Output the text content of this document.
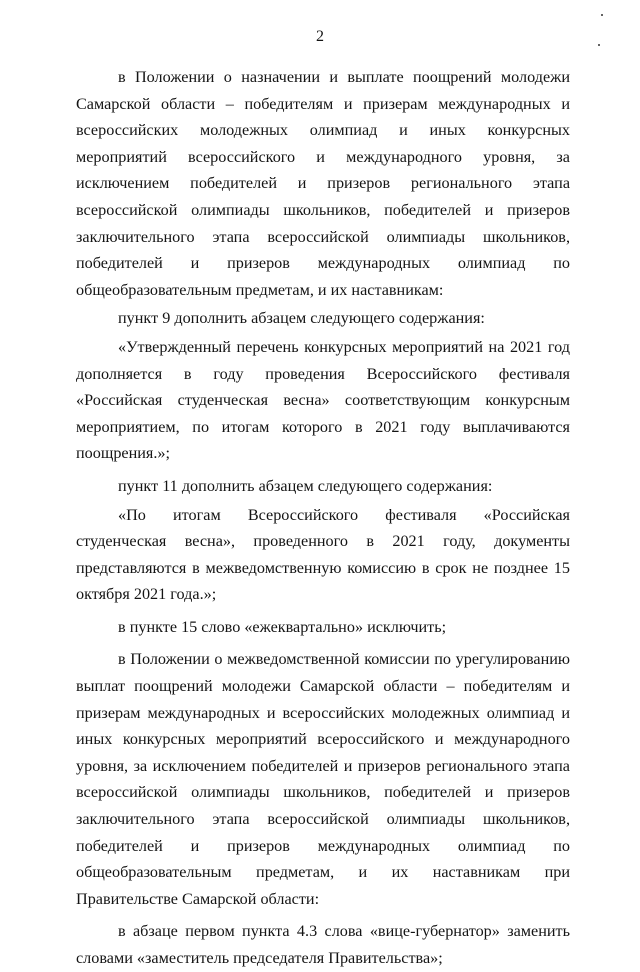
2

в Положении о назначении и выплате поощрений молодежи Самарской области – победителям и призерам международных и всероссийских молодежных олимпиад и иных конкурсных мероприятий всероссийского и международного уровня, за исключением победителей и призеров регионального этапа всероссийской олимпиады школьников, победителей и призеров заключительного этапа всероссийской олимпиады школьников, победителей и призеров международных олимпиад по общеобразовательным предметам, и их наставникам:

пункт 9 дополнить абзацем следующего содержания:

«Утвержденный перечень конкурсных мероприятий на 2021 год дополняется в году проведения Всероссийского фестиваля «Российская студенческая весна» соответствующим конкурсным мероприятием, по итогам которого в 2021 году выплачиваются поощрения.»;

пункт 11 дополнить абзацем следующего содержания:

«По итогам Всероссийского фестиваля «Российская студенческая весна», проведенного в 2021 году, документы представляются в межведомственную комиссию в срок не позднее 15 октября 2021 года.»;

в пункте 15 слово «ежеквартально» исключить;

в Положении о межведомственной комиссии по урегулированию выплат поощрений молодежи Самарской области – победителям и призерам международных и всероссийских молодежных олимпиад и иных конкурсных мероприятий всероссийского и международного уровня, за исключением победителей и призеров регионального этапа всероссийской олимпиады школьников, победителей и призеров заключительного этапа всероссийской олимпиады школьников, победителей и призеров международных олимпиад по общеобразовательным предметам, и их наставникам при Правительстве Самарской области:

в абзаце первом пункта 4.3 слова «вице-губернатор» заменить словами «заместитель председателя Правительства»;
